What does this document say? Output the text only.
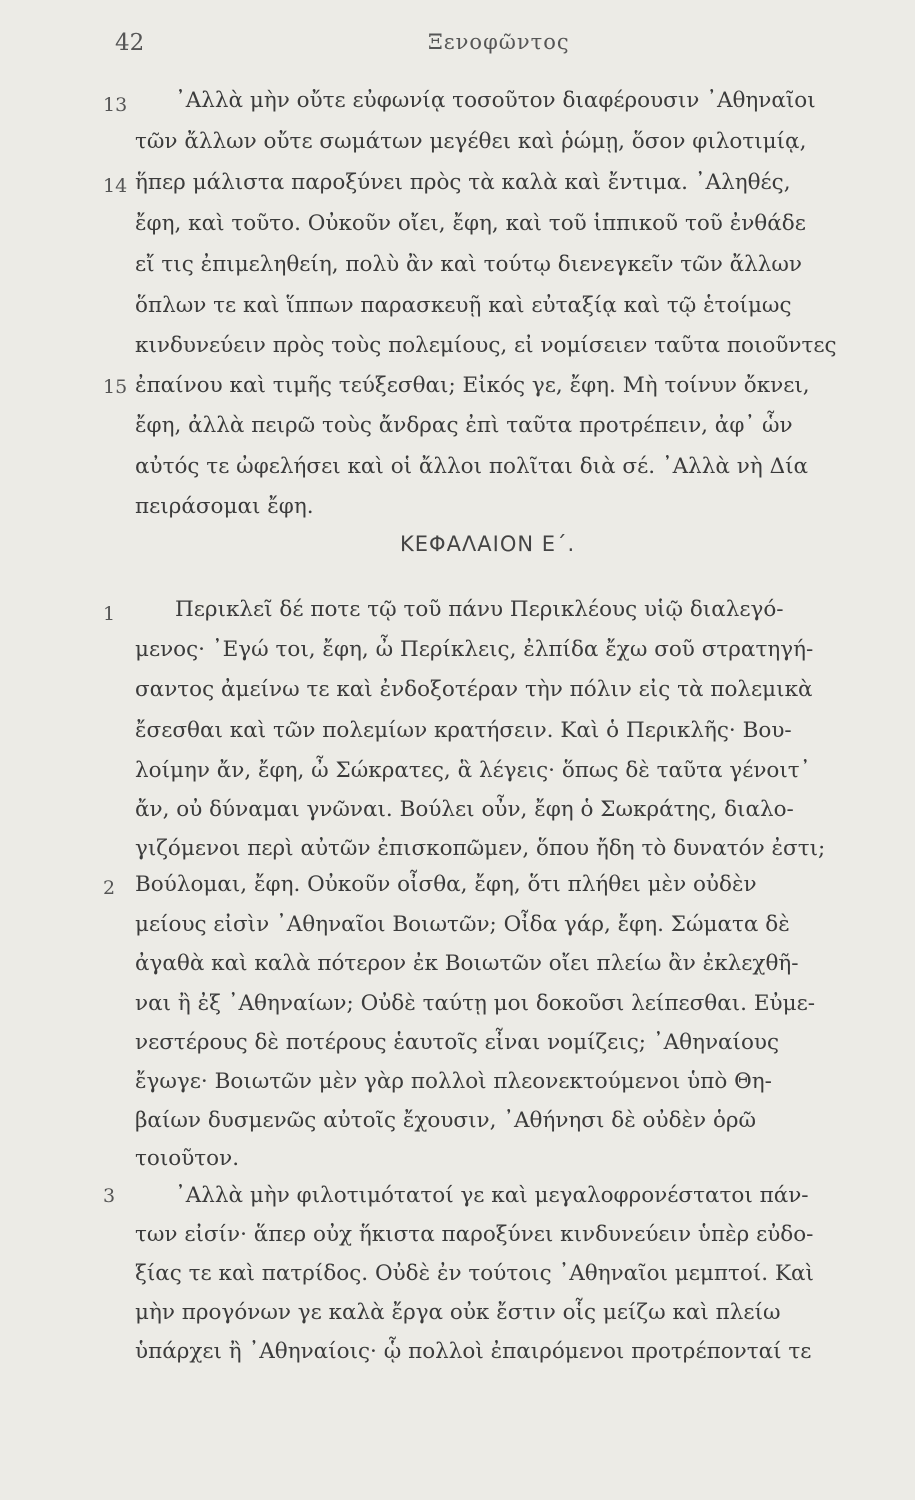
42	Ξενοφῶντος
13
14
15
1
2
3
᾽Αλλὰ μὴν οὔτε εὐφωνίᾳ τοσοῦτον διαφέρουσιν ᾽Αθηναῖοι
τῶν ἄλλων οὔτε σωμάτων μεγέθει καὶ ῥώμῃ, ὅσον φιλοτιμίᾳ,
ἥπερ μάλιστα παροξύνει πρὸς τὰ καλὰ καὶ ἔντιμα. ᾽Αληθές,
ἔφη, καὶ τοῦτο. Οὐκοῦν οἴει, ἔφη, καὶ τοῦ ἱππικοῦ τοῦ ἐνθάδε
εἴ τις ἐπιμεληθείη, πολὺ ἂν καὶ τούτῳ διενεγκεῖν τῶν ἄλλων
ὅπλων τε καὶ ἵππων παρασκευῇ καὶ εὐταξίᾳ καὶ τῷ ἑτοίμως
κινδυνεύειν πρὸς τοὺς πολεμίους, εἰ νομίσειεν ταῦτα ποιοῦντες
ἐπαίνου καὶ τιμῆς τεύξεσθαι; Εἰκός γε, ἔφη. Μὴ τοίνυν ὄκνει,
ἔφη, ἀλλὰ πειρῶ τοὺς ἄνδρας ἐπὶ ταῦτα προτρέπειν, ἀφ᾽ ὧν
αὐτός τε ὠφελήσει καὶ οἱ ἄλλοι πολῖται διὰ σέ. ᾽Αλλὰ νὴ Δία
πειράσομαι ἔφη.
ΚΕΦΑΛΑΙΟΝ Ε΄.
Περικλεῖ δέ ποτε τῷ τοῦ πάνυ Περικλέους υἱῷ διαλεγό-
μενος· ᾽Εγώ τοι, ἔφη, ὦ Περίκλεις, ἐλπίδα ἔχω σοῦ στρατηγή-
σαντος ἀμείνω τε καὶ ἐνδοξοτέραν τὴν πόλιν εἰς τὰ πολεμικὰ
ἔσεσθαι καὶ τῶν πολεμίων κρατήσειν. Καὶ ὁ Περικλῆς· Βου-
λοίμην ἄν, ἔφη, ὦ Σώκρατες, ἃ λέγεις· ὅπως δὲ ταῦτα γένοιτ᾽
ἄν, οὐ δύναμαι γνῶναι. Βούλει οὖν, ἔφη ὁ Σωκράτης, διαλο-
γιζόμενοι περὶ αὐτῶν ἐπισκοπῶμεν, ὅπου ἤδη τὸ δυνατόν ἐστι;
Βούλομαι, ἔφη. Οὐκοῦν οἶσθα, ἔφη, ὅτι πλήθει μὲν οὐδὲν
μείους εἰσὶν ᾽Αθηναῖοι Βοιωτῶν; Οἶδα γάρ, ἔφη. Σώματα δὲ
ἀγαθὰ καὶ καλὰ πότερον ἐκ Βοιωτῶν οἴει πλείω ἂν ἐκλεχθῆ-
ναι ἢ ἐξ ᾽Αθηναίων; Οὐδὲ ταύτῃ μοι δοκοῦσι λείπεσθαι. Εὐμε-
νεστέρους δὲ ποτέρους ἑαυτοῖς εἶναι νομίζεις; ᾽Αθηναίους
ἔγωγε· Βοιωτῶν μὲν γὰρ πολλοὶ πλεονεκτούμενοι ὑπὸ Θη-
βαίων δυσμενῶς αὐτοῖς ἔχουσιν, ᾽Αθήνησι δὲ οὐδὲν ὁρῶ
τοιοῦτον.
᾽Αλλὰ μὴν φιλοτιμότατοί γε καὶ μεγαλοφρονέστατοι πάν-
των εἰσίν· ἅπερ οὐχ ἥκιστα παροξύνει κινδυνεύειν ὑπὲρ εὐδο-
ξίας τε καὶ πατρίδος. Οὐδὲ ἐν τούτοις ᾽Αθηναῖοι μεμπτοί. Καὶ
μὴν προγόνων γε καλὰ ἔργα οὐκ ἔστιν οἷς μείζω καὶ πλείω
ὑπάρχει ἢ ᾽Αθηναίοις· ᾧ πολλοὶ ἐπαιρόμενοι προτρέπονταί τε
